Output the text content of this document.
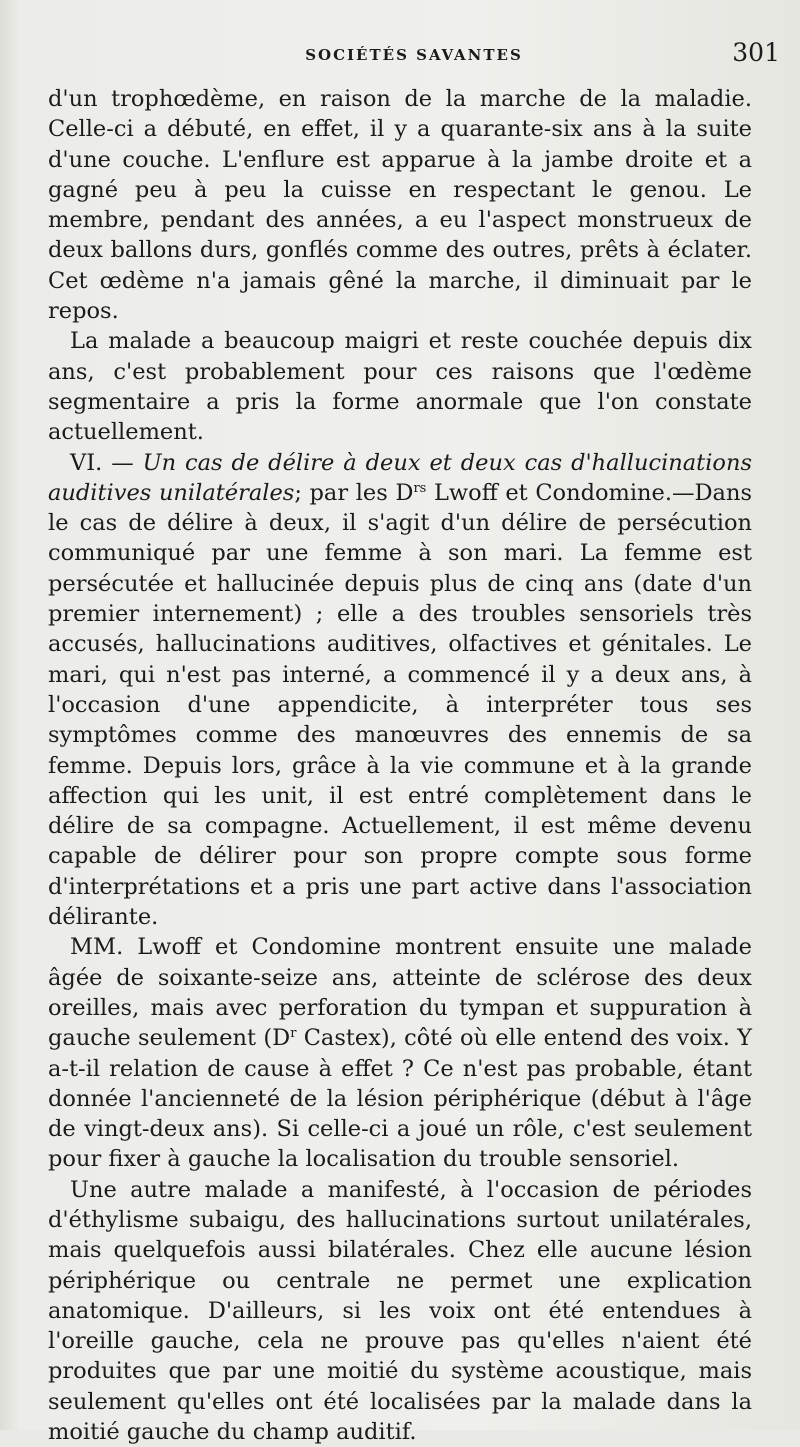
SOCIÉTÉS SAVANTES	301

d'un trophœdème, en raison de la marche de la maladie. Celle-ci a débuté, en effet, il y a quarante-six ans à la suite d'une couche. L'enflure est apparue à la jambe droite et a gagné peu à peu la cuisse en respectant le genou. Le membre, pendant des années, a eu l'aspect monstrueux de deux ballons durs, gonflés comme des outres, prêts à éclater. Cet œdème n'a jamais gêné la marche, il diminuait par le repos.

La malade a beaucoup maigri et reste couchée depuis dix ans, c'est probablement pour ces raisons que l'œdème segmentaire a pris la forme anormale que l'on constate actuellement.

VI. — Un cas de délire à deux et deux cas d'hallucinations auditives unilatérales; par les $D^{rs}$ Lwoff et Condomine.—Dans le cas de délire à deux, il s'agit d'un délire de persécution communiqué par une femme à son mari. La femme est persécutée et hallucinée depuis plus de cinq ans (date d'un premier internement) ; elle a des troubles sensoriels très accusés, hallucinations auditives, olfactives et génitales. Le mari, qui n'est pas interné, a commencé il y a deux ans, à l'occasion d'une appendicite, à interpréter tous ses symptômes comme des manœuvres des ennemis de sa femme. Depuis lors, grâce à la vie commune et à la grande affection qui les unit, il est entré complètement dans le délire de sa compagne. Actuellement, il est même devenu capable de délirer pour son propre compte sous forme d'interprétations et a pris une part active dans l'association délirante.

MM. Lwoff et Condomine montrent ensuite une malade âgée de soixante-seize ans, atteinte de sclérose des deux oreilles, mais avec perforation du tympan et suppuration à gauche seulement ($D^r$ Castex), côté où elle entend des voix. Y a-t-il relation de cause à effet ? Ce n'est pas probable, étant donnée l'ancienneté de la lésion périphérique (début à l'âge de vingt-deux ans). Si celle-ci a joué un rôle, c'est seulement pour fixer à gauche la localisation du trouble sensoriel.

Une autre malade a manifesté, à l'occasion de périodes d'éthylisme subaigu, des hallucinations surtout unilatérales, mais quelquefois aussi bilatérales. Chez elle aucune lésion périphérique ou centrale ne permet une explication anatomique. D'ailleurs, si les voix ont été entendues à l'oreille gauche, cela ne prouve pas qu'elles n'aient été produites que par une moitié du système acoustique, mais seulement qu'elles ont été localisées par la malade dans la moitié gauche du champ auditif.
